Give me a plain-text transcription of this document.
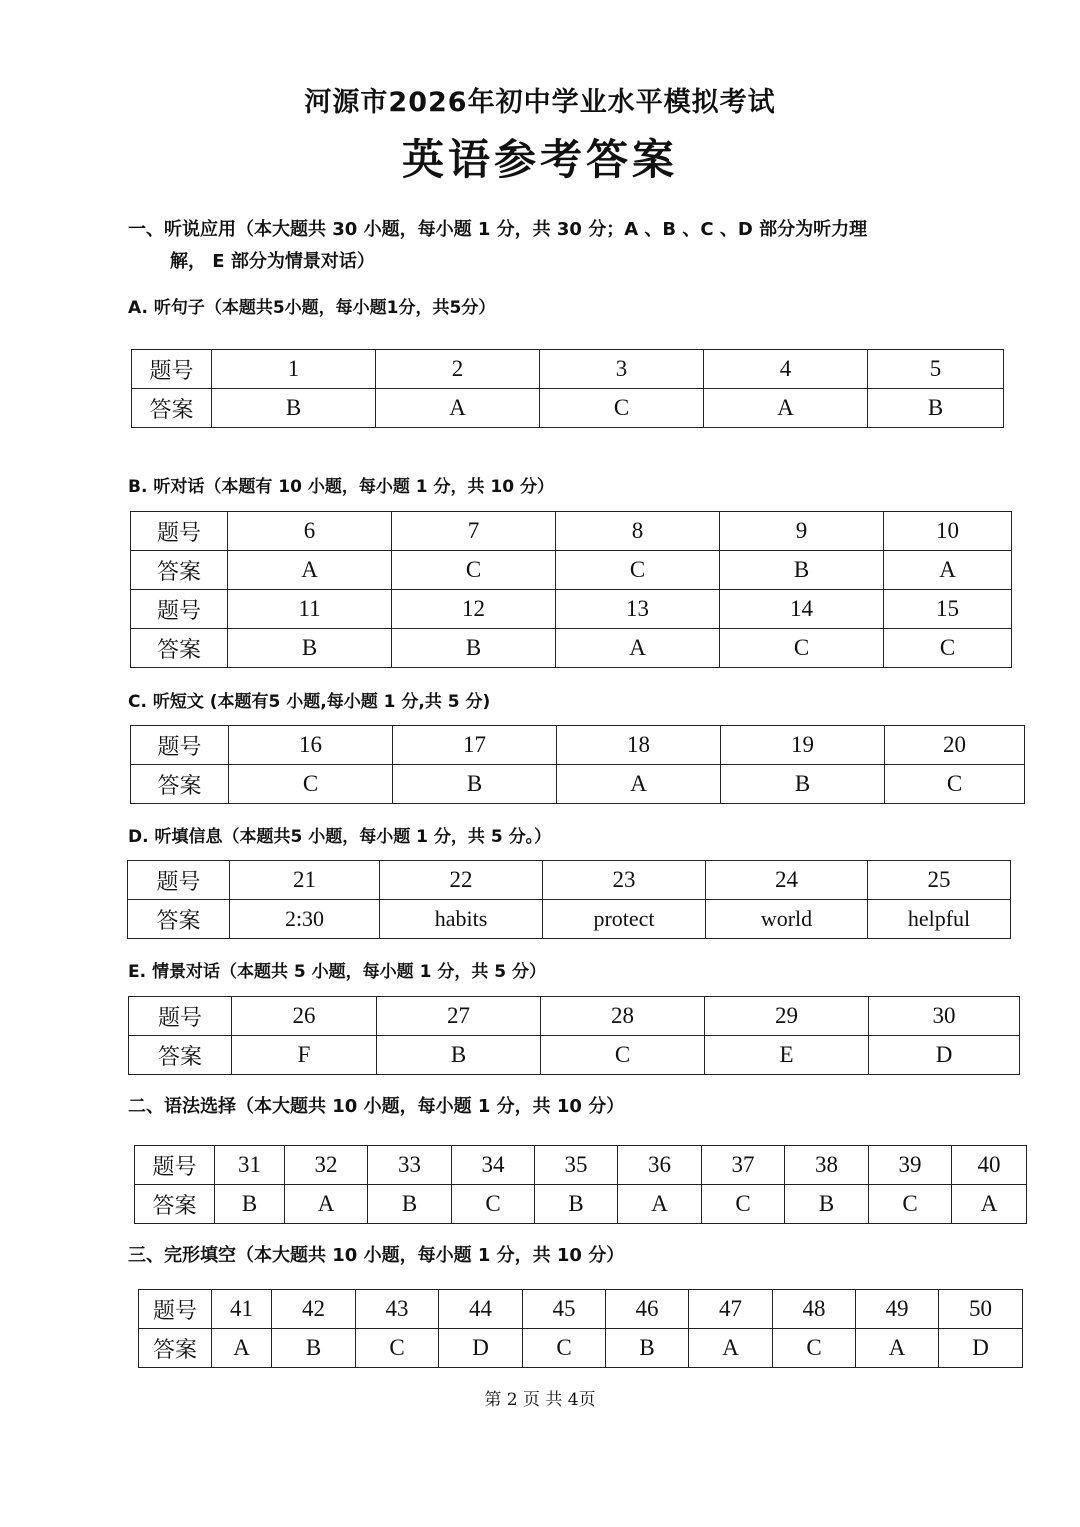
河源市2026年初中学业水平模拟考试
英语参考答案
一、听说应用（本大题共 30 小题，每小题 1 分，共 30 分；A 、B 、C 、D 部分为听力理
解， E 部分为情景对话）
A. 听句子（本题共5小题，每小题1分，共5分）
题号	1	2	3	4	5
答案	B	A	C	A	B
B. 听对话（本题有 10 小题，每小题 1 分，共 10 分）
题号	6	7	8	9	10
答案	A	C	C	B	A
题号	11	12	13	14	15
答案	B	B	A	C	C
C. 听短文 (本题有5 小题,每小题 1 分,共 5 分)
题号	16	17	18	19	20
答案	C	B	A	B	C
D. 听填信息（本题共5 小题，每小题 1 分，共 5 分。）
题号	21	22	23	24	25
答案	2:30	habits	protect	world	helpful
E. 情景对话（本题共 5 小题，每小题 1 分，共 5 分）
题号	26	27	28	29	30
答案	F	B	C	E	D
二、语法选择（本大题共 10 小题，每小题 1 分，共 10 分）
题号	31	32	33	34	35	36	37	38	39	40
答案	B	A	B	C	B	A	C	B	C	A
三、完形填空（本大题共 10 小题，每小题 1 分，共 10 分）
题号	41	42	43	44	45	46	47	48	49	50
答案	A	B	C	D	C	B	A	C	A	D
第 2 页 共 4页
